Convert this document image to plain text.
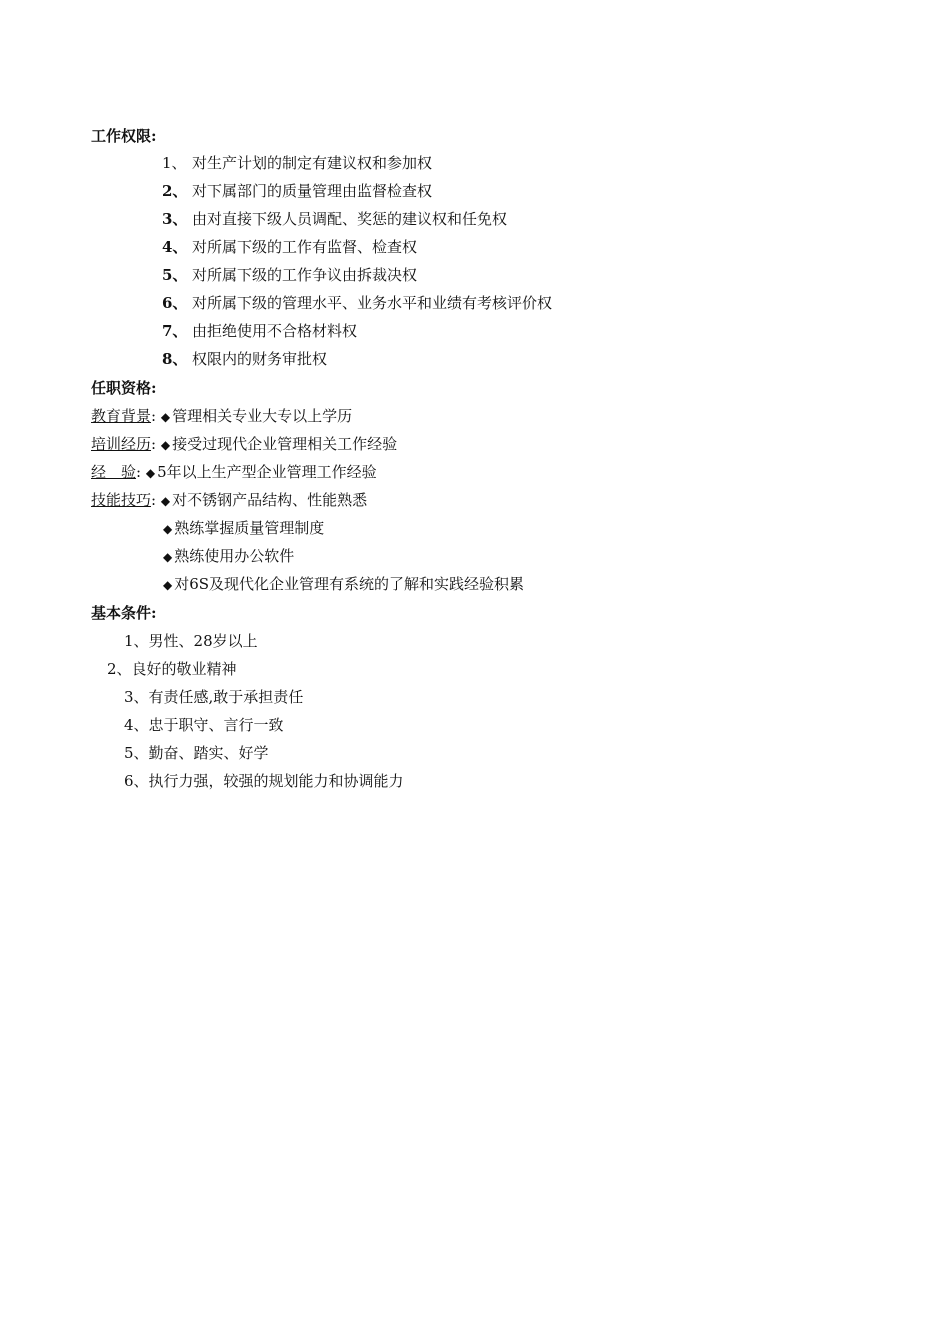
工作权限:
1、 对生产计划的制定有建议权和参加权
2、 对下属部门的质量管理由监督检查权
3、 由对直接下级人员调配、奖惩的建议权和任免权
4、 对所属下级的工作有监督、检查权
5、 对所属下级的工作争议由拆裁决权
6、 对所属下级的管理水平、业务水平和业绩有考核评价权
7、 由拒绝使用不合格材料权
8、 权限内的财务审批权
任职资格:
教育背景: ◆ 管理相关专业大专以上学历
培训经历: ◆ 接受过现代企业管理相关工作经验
经　验: ◆ 5年以上生产型企业管理工作经验
技能技巧: ◆ 对不锈钢产品结构、性能熟悉
◆ 熟练掌握质量管理制度
◆ 熟练使用办公软件
◆ 对6S及现代化企业管理有系统的了解和实践经验积累
基本条件:
1、男性、28岁以上
2、良好的敬业精神
3、有责任感,敢于承担责任
4、忠于职守、言行一致
5、勤奋、踏实、好学
6、执行力强，较强的规划能力和协调能力
